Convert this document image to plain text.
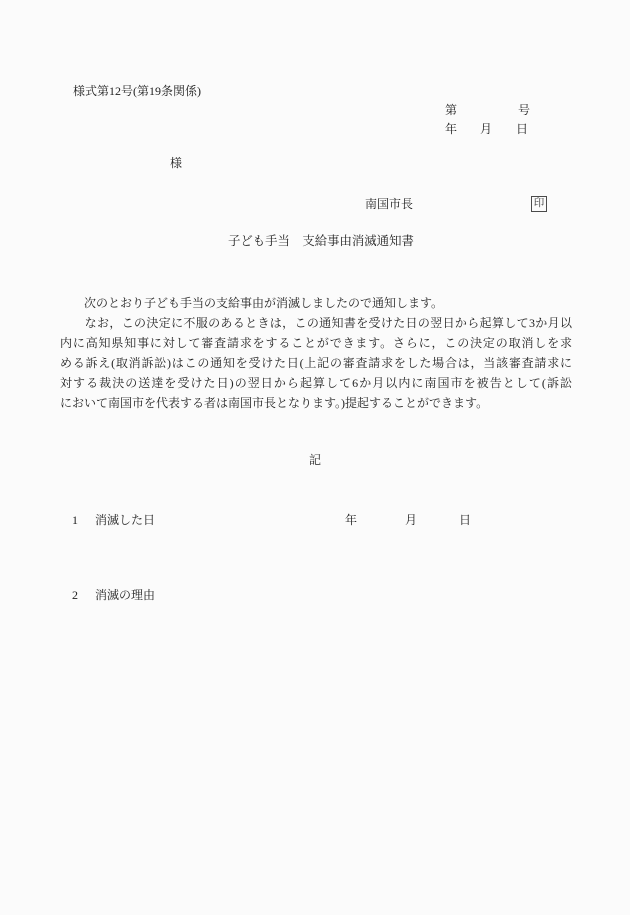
様式第12号(第19条関係)
第	号
年 月 日
様
南国市長	印
子ども手当　支給事由消滅通知書
　　次のとおり子ども手当の支給事由が消滅しましたので通知します。
　　なお，この決定に不服のあるときは，この通知書を受けた日の翌日から起算して3か月以
内に高知県知事に対して審査請求をすることができます。さらに，この決定の取消しを求
める訴え(取消訴訟)はこの通知を受けた日(上記の審査請求をした場合は，当該審査請求に
対する裁決の送達を受けた日)の翌日から起算して6か月以内に南国市を被告として(訴訟
において南国市を代表する者は南国市長となります。)提起することができます。
記
1 消滅した日	年	月	日
2 消滅の理由
